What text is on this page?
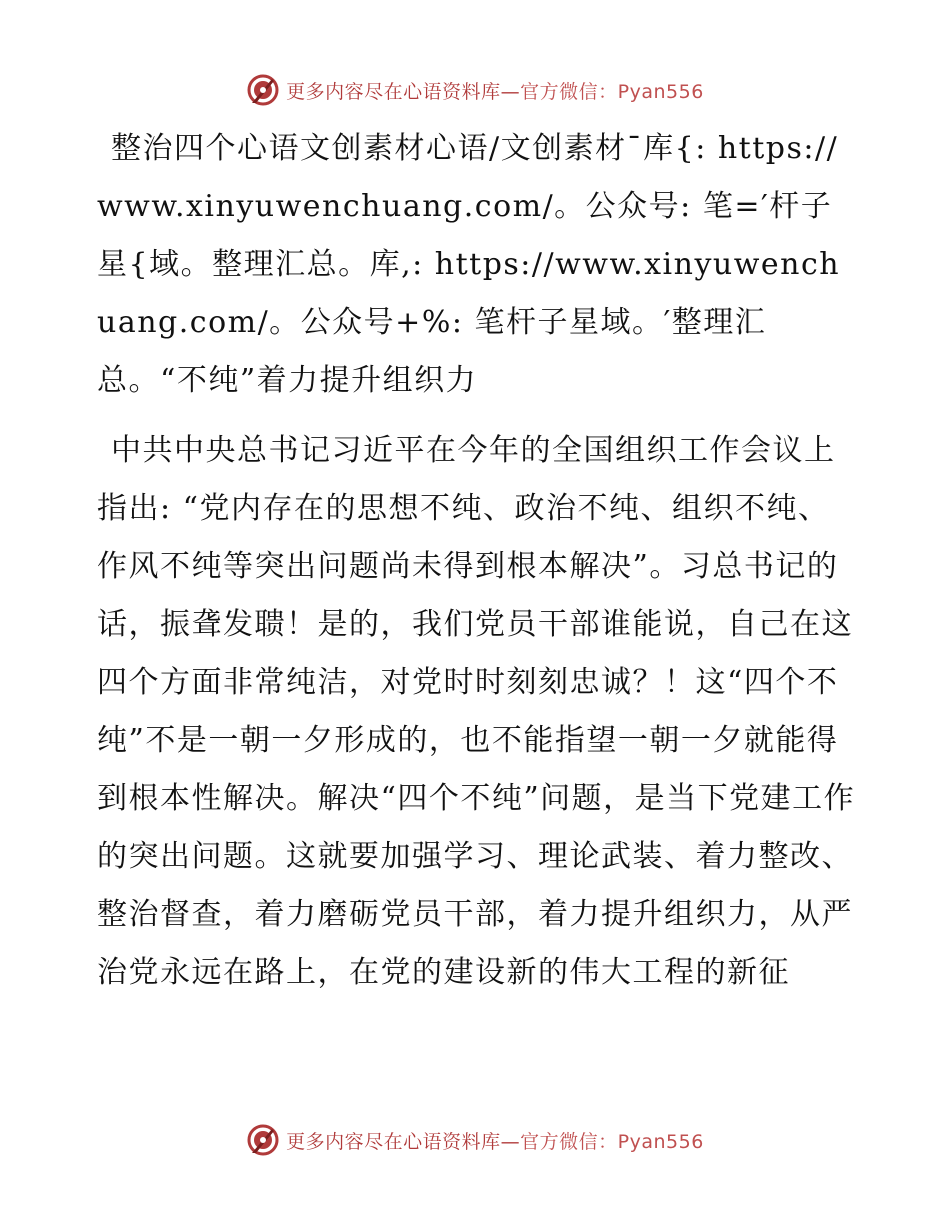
更多内容尽在心语资料库—官方微信：Pyan556

整治四个心语文创素材心语/文创素材¯库{: https://www.xinyuwenchuang.com/。公众号: 笔=′杆子星{域。整理汇总。库,: https://www.xinyuwenchuang.com/。公众号+%: 笔杆子星域。′整理汇总。“不纯”着力提升组织力

中共中央总书记习近平在今年的全国组织工作会议上指出: “党内存在的思想不纯、政治不纯、组织不纯、作风不纯等突出问题尚未得到根本解决”。习总书记的话，振聋发聩！是的，我们党员干部谁能说，自己在这四个方面非常纯洁，对党时时刻刻忠诚？！这“四个不纯”不是一朝一夕形成的，也不能指望一朝一夕就能得到根本性解决。解决“四个不纯”问题，是当下党建工作的突出问题。这就要加强学习、理论武装、着力整改、整治督查，着力磨砺党员干部，着力提升组织力，从严治党永远在路上，在党的建设新的伟大工程的新征

更多内容尽在心语资料库—官方微信：Pyan556
